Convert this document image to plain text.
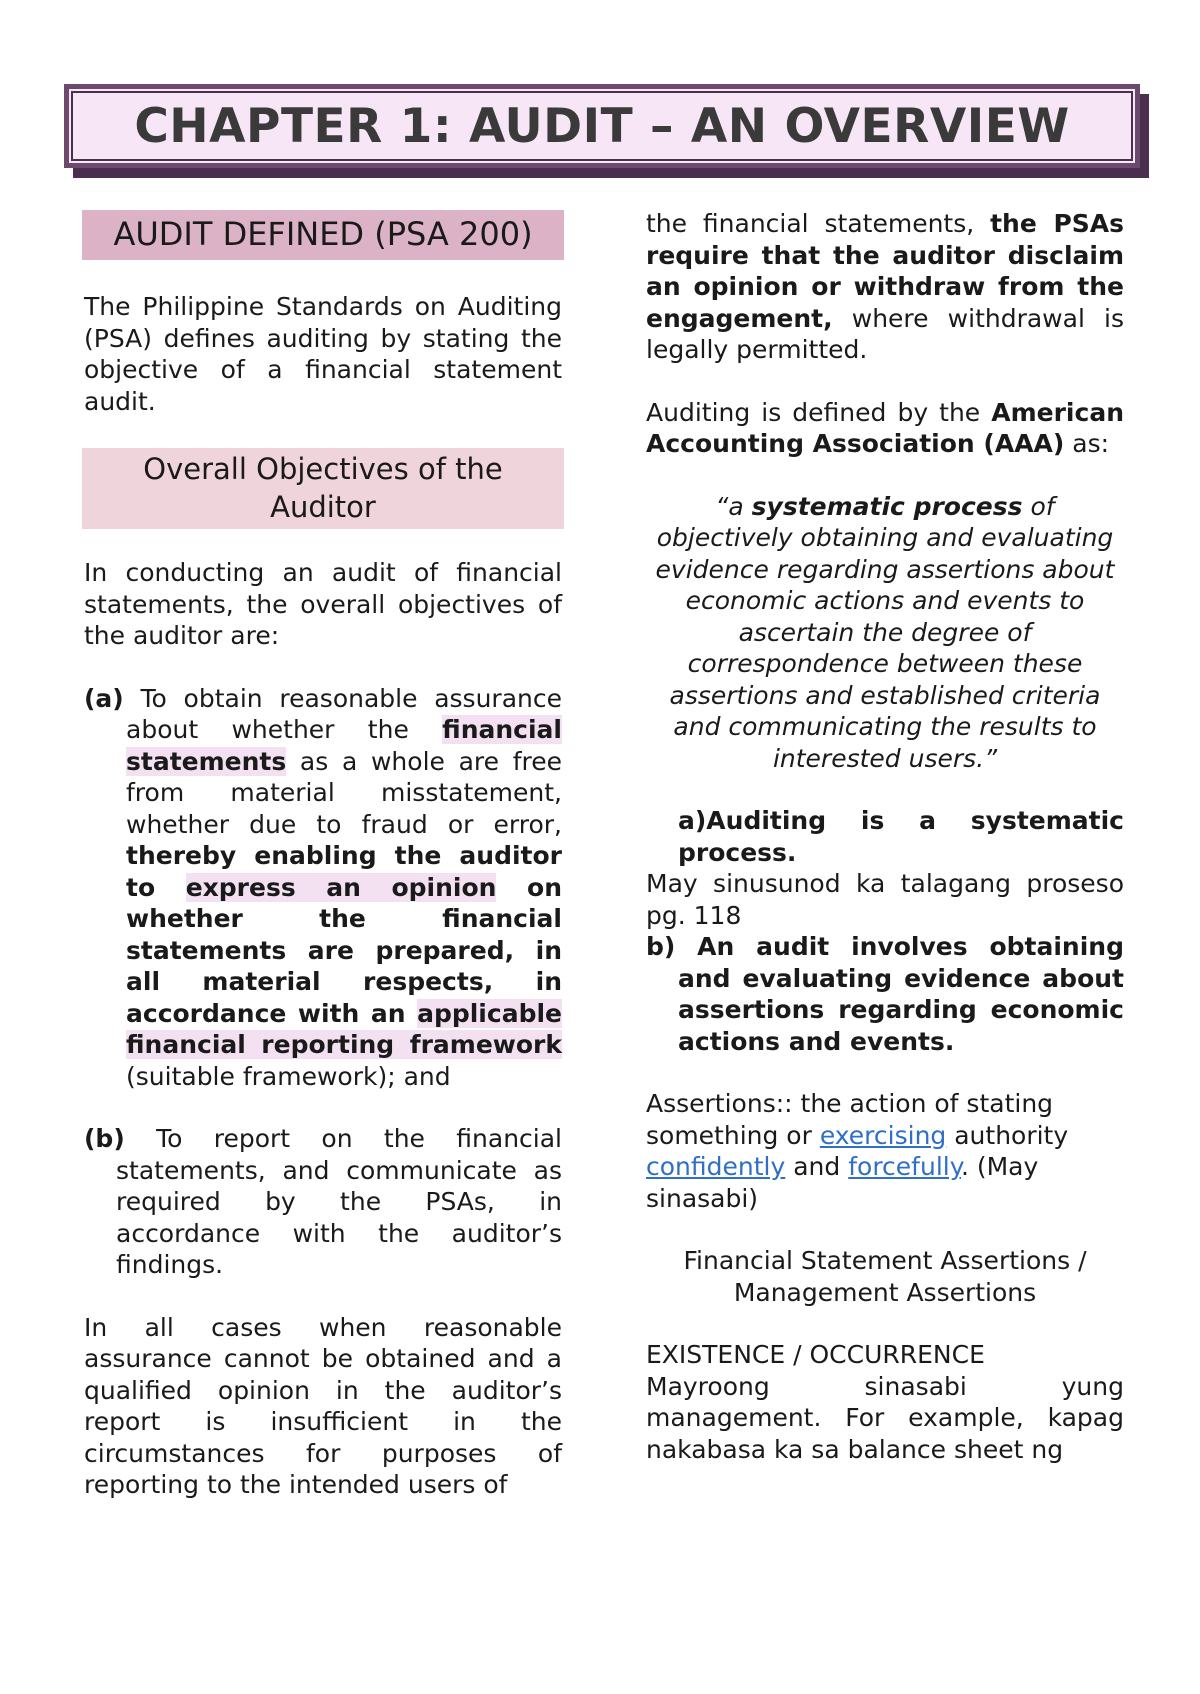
CHAPTER 1: AUDIT – AN OVERVIEW
AUDIT DEFINED (PSA 200)

The Philippine Standards on Auditing (PSA) defines auditing by stating the objective of a financial statement audit.

Overall Objectives of the Auditor

In conducting an audit of financial statements, the overall objectives of the auditor are:

(a) To obtain reasonable assurance about whether the financial statements as a whole are free from material misstatement, whether due to fraud or error, thereby enabling the auditor to express an opinion on whether the financial statements are prepared, in all material respects, in accordance with an applicable financial reporting framework (suitable framework); and

(b) To report on the financial statements, and communicate as required by the PSAs, in accordance with the auditor’s findings.

In all cases when reasonable assurance cannot be obtained and a qualified opinion in the auditor’s report is insufficient in the circumstances for purposes of reporting to the intended users of

the financial statements, the PSAs require that the auditor disclaim an opinion or withdraw from the engagement, where withdrawal is legally permitted.

Auditing is defined by the American Accounting Association (AAA) as:

“a systematic process of objectively obtaining and evaluating evidence regarding assertions about economic actions and events to ascertain the degree of correspondence between these assertions and established criteria and communicating the results to interested users.”

a)Auditing is a systematic process.

May sinusunod ka talagang proseso pg. 118

b) An audit involves obtaining and evaluating evidence about assertions regarding economic actions and events.

Assertions:: the action of stating something or exercising authority confidently and forcefully. (May sinasabi)

Financial Statement Assertions / Management Assertions

EXISTENCE / OCCURRENCE

Mayroong sinasabi yung management. For example, kapag nakabasa ka sa balance sheet ng
